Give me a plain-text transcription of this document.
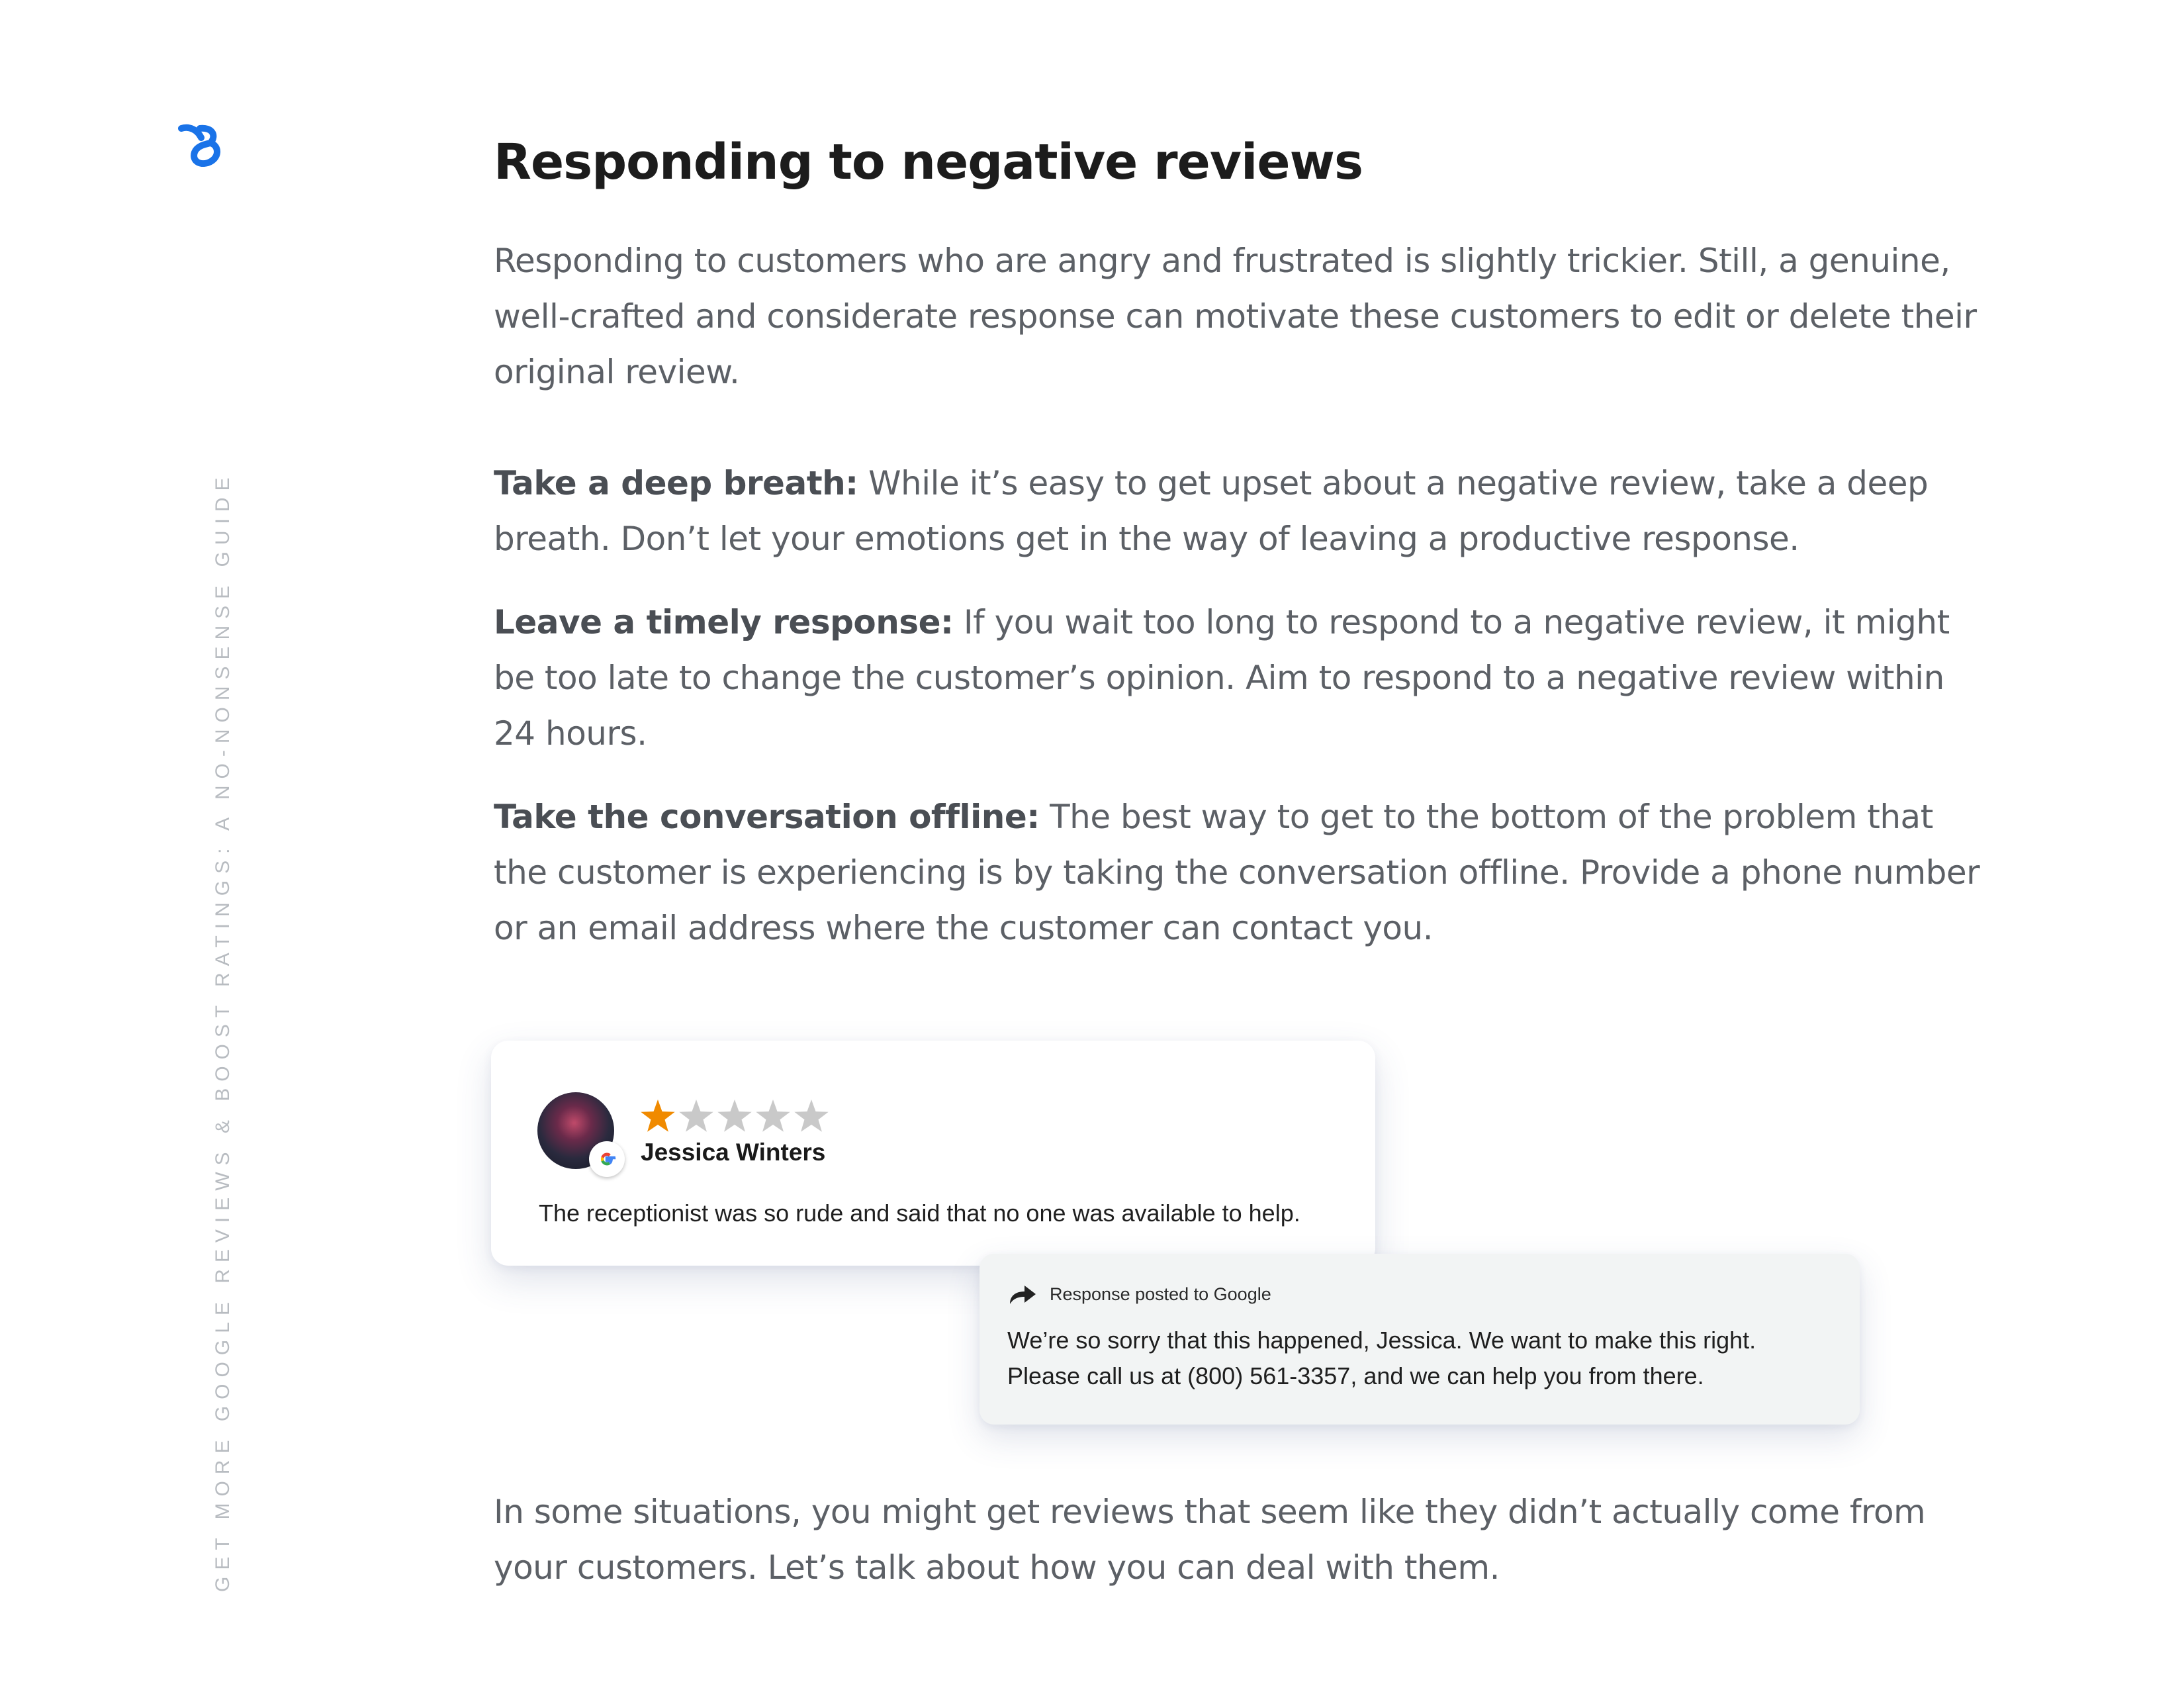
GET MORE GOOGLE REVIEWS & BOOST RATINGS: A NO-NONSENSE GUIDE
Responding to negative reviews

Responding to customers who are angry and frustrated is slightly trickier. Still, a genuine, well-crafted and considerate response can motivate these customers to edit or delete their original review.

Take a deep breath: While it’s easy to get upset about a negative review, take a deep breath. Don’t let your emotions get in the way of leaving a productive response.

Leave a timely response: If you wait too long to respond to a negative review, it might be too late to change the customer’s opinion. Aim to respond to a negative review within 24 hours.

Take the conversation offline: The best way to get to the bottom of the problem that the customer is experiencing is by taking the conversation offline. Provide a phone number or an email address where the customer can contact you.

Jessica Winters
The receptionist was so rude and said that no one was available to help.
Response posted to Google
We’re so sorry that this happened, Jessica. We want to make this right.
Please call us at (800) 561-3357, and we can help you from there.

In some situations, you might get reviews that seem like they didn’t actually come from your customers. Let’s talk about how you can deal with them.
